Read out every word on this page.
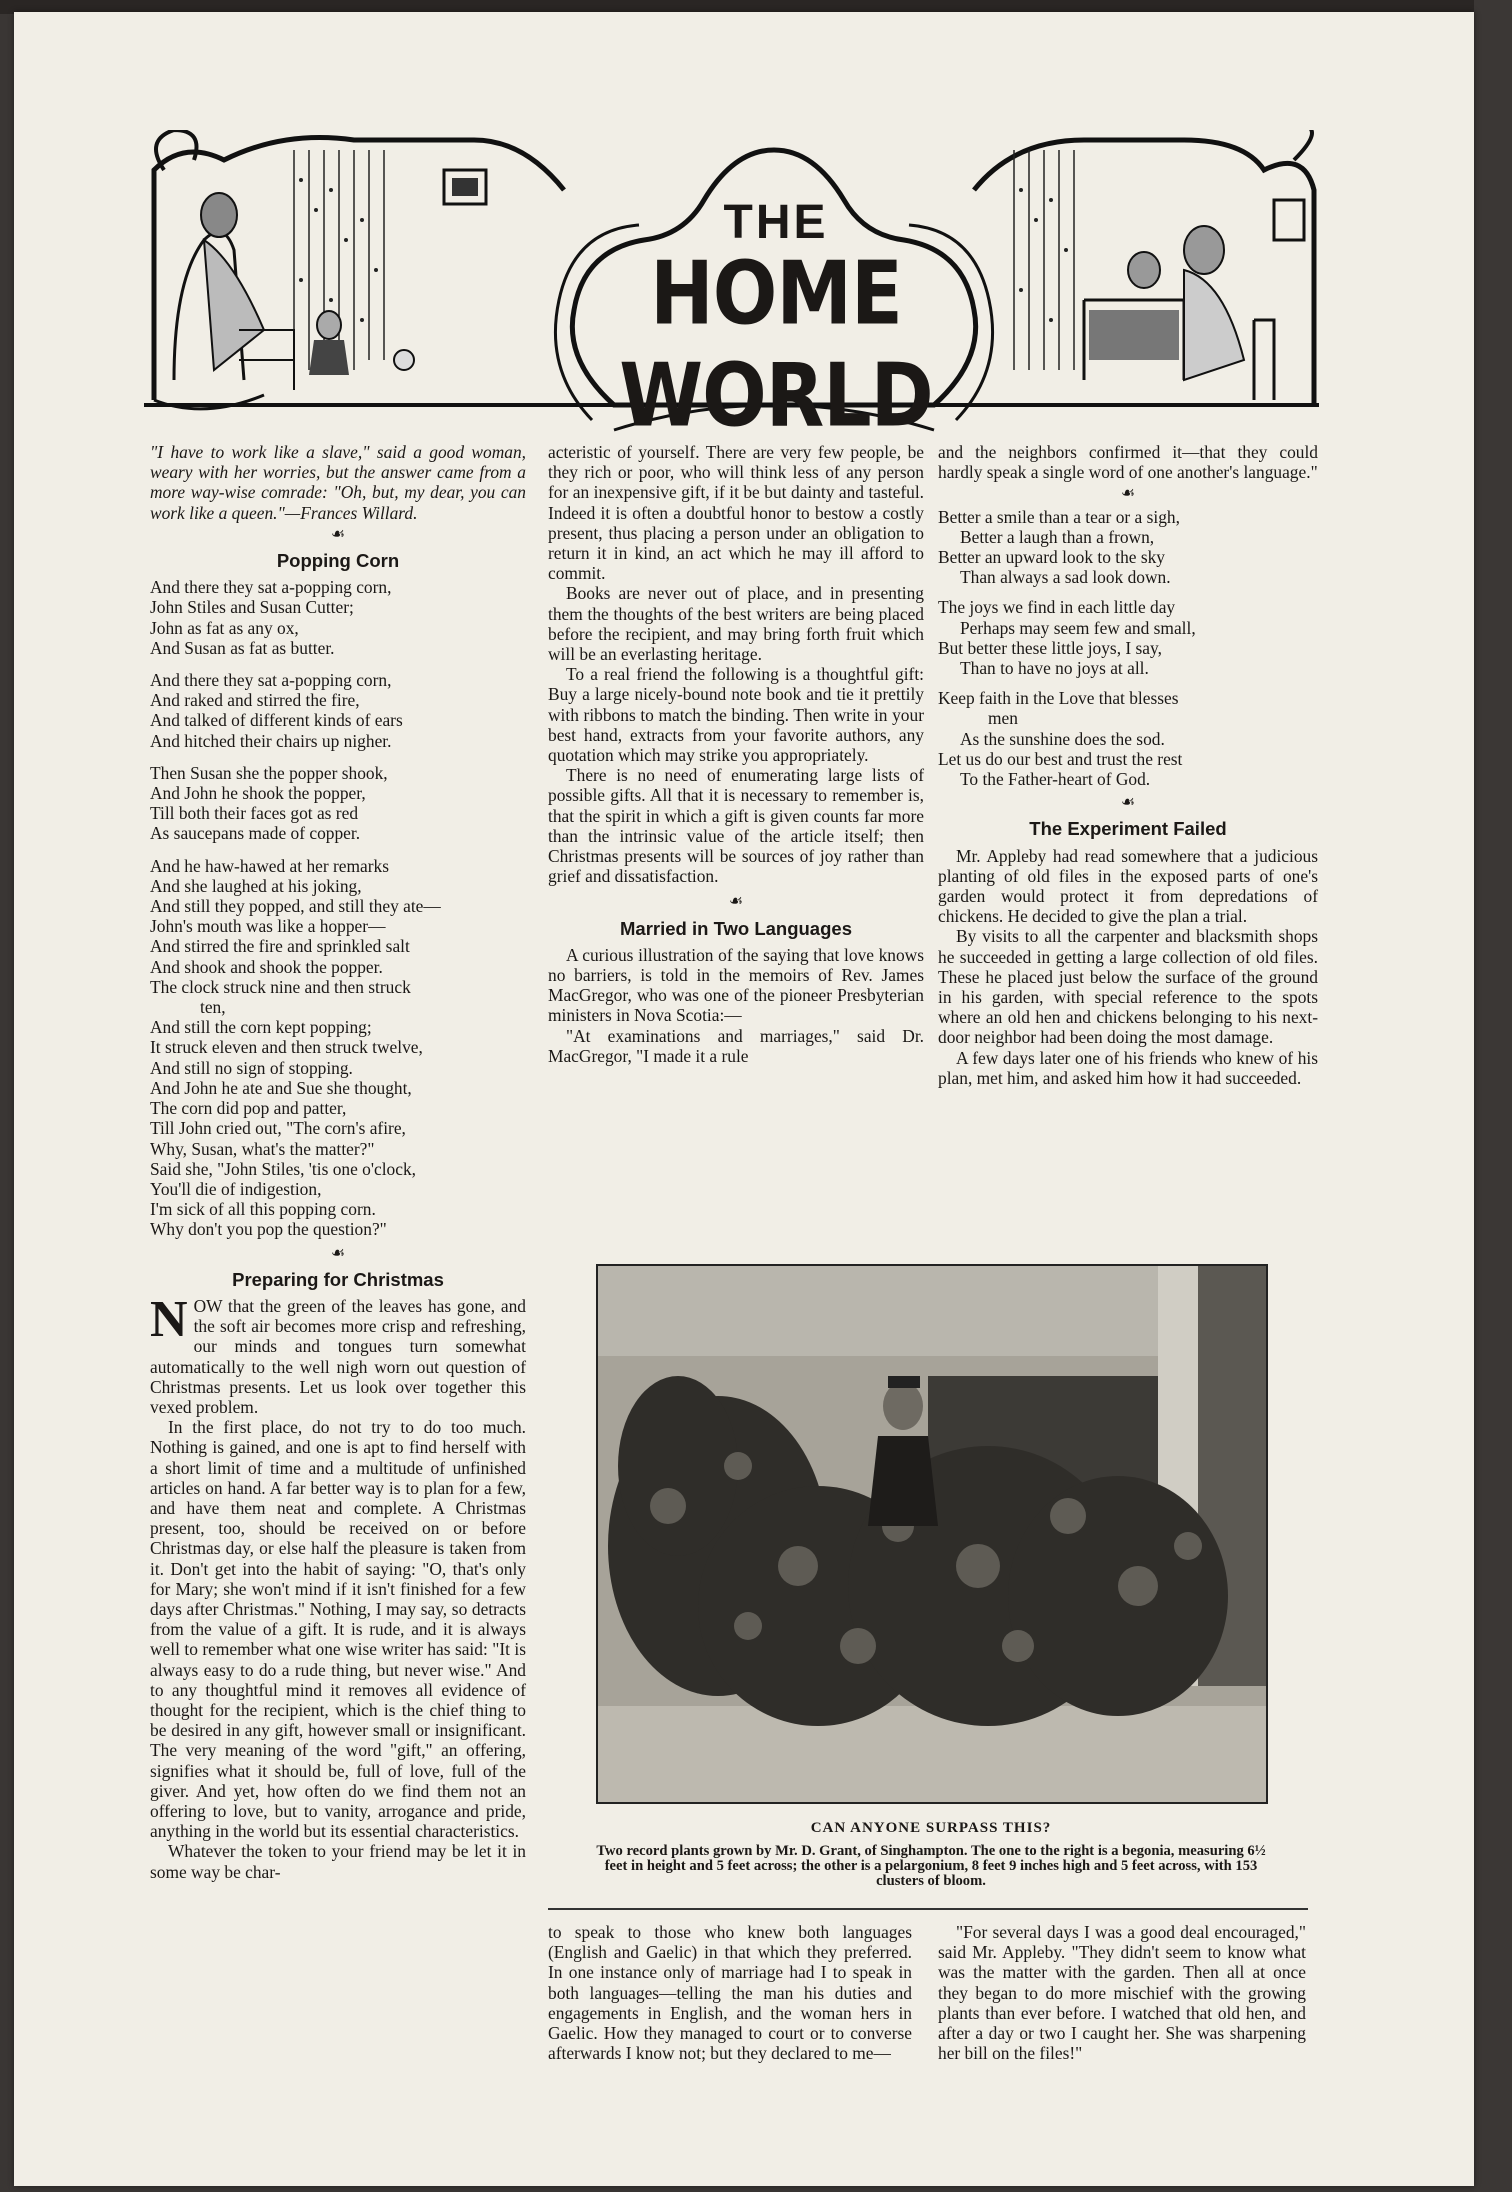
THE
HOME WORLD

"I have to work like a slave," said a good woman, weary with her worries, but the answer came from a more way-wise comrade: "Oh, but, my dear, you can work like a queen."—Frances Willard.

☙
Popping Corn
And there they sat a-popping corn,
John Stiles and Susan Cutter;
John as fat as any ox,
And Susan as fat as butter.
And there they sat a-popping corn,
And raked and stirred the fire,
And talked of different kinds of ears
And hitched their chairs up nigher.
Then Susan she the popper shook,
And John he shook the popper,
Till both their faces got as red
As saucepans made of copper.
And he haw-hawed at her remarks
And she laughed at his joking,
And still they popped, and still they ate—
John's mouth was like a hopper—
And stirred the fire and sprinkled salt
And shook and shook the popper.
The clock struck nine and then struck
ten,
And still the corn kept popping;
It struck eleven and then struck twelve,
And still no sign of stopping.
And John he ate and Sue she thought,
The corn did pop and patter,
Till John cried out, "The corn's afire,
Why, Susan, what's the matter?"
Said she, "John Stiles, 'tis one o'clock,
You'll die of indigestion,
I'm sick of all this popping corn.
Why don't you pop the question?"
☙
Preparing for Christmas

NOW that the green of the leaves has gone, and the soft air becomes more crisp and refreshing, our minds and tongues turn somewhat automatically to the well nigh worn out question of Christmas presents. Let us look over together this vexed problem.

In the first place, do not try to do too much. Nothing is gained, and one is apt to find herself with a short limit of time and a multitude of unfinished articles on hand. A far better way is to plan for a few, and have them neat and complete. A Christmas present, too, should be received on or before Christmas day, or else half the pleasure is taken from it. Don't get into the habit of saying: "O, that's only for Mary; she won't mind if it isn't finished for a few days after Christmas." Nothing, I may say, so detracts from the value of a gift. It is rude, and it is always well to remember what one wise writer has said: "It is always easy to do a rude thing, but never wise." And to any thoughtful mind it removes all evidence of thought for the recipient, which is the chief thing to be desired in any gift, however small or insignificant. The very meaning of the word "gift," an offering, signifies what it should be, full of love, full of the giver. And yet, how often do we find them not an offering to love, but to vanity, arrogance and pride, anything in the world but its essential characteristics.

Whatever the token to your friend may be let it in some way be char-

acteristic of yourself. There are very few people, be they rich or poor, who will think less of any person for an inexpensive gift, if it be but dainty and tasteful. Indeed it is often a doubtful honor to bestow a costly present, thus placing a person under an obligation to return it in kind, an act which he may ill afford to commit.

Books are never out of place, and in presenting them the thoughts of the best writers are being placed before the recipient, and may bring forth fruit which will be an everlasting heritage.

To a real friend the following is a thoughtful gift: Buy a large nicely-bound note book and tie it prettily with ribbons to match the binding. Then write in your best hand, extracts from your favorite authors, any quotation which may strike you appropriately.

There is no need of enumerating large lists of possible gifts. All that it is necessary to remember is, that the spirit in which a gift is given counts far more than the intrinsic value of the article itself; then Christmas presents will be sources of joy rather than grief and dissatisfaction.

☙
Married in Two Languages

A curious illustration of the saying that love knows no barriers, is told in the memoirs of Rev. James MacGregor, who was one of the pioneer Presbyterian ministers in Nova Scotia:—

"At examinations and marriages," said Dr. MacGregor, "I made it a rule

and the neighbors confirmed it—that they could hardly speak a single word of one another's language."

☙
Better a smile than a tear or a sigh,
Better a laugh than a frown,
Better an upward look to the sky
Than always a sad look down.
The joys we find in each little day
Perhaps may seem few and small,
But better these little joys, I say,
Than to have no joys at all.
Keep faith in the Love that blesses
men
As the sunshine does the sod.
Let us do our best and trust the rest
To the Father-heart of God.
☙
The Experiment Failed

Mr. Appleby had read somewhere that a judicious planting of old files in the exposed parts of one's garden would protect it from depredations of chickens. He decided to give the plan a trial.

By visits to all the carpenter and blacksmith shops he succeeded in getting a large collection of old files. These he placed just below the surface of the ground in his garden, with special reference to the spots where an old hen and chickens belonging to his next-door neighbor had been doing the most damage.

A few days later one of his friends who knew of his plan, met him, and asked him how it had succeeded.

CAN ANYONE SURPASS THIS?
Two record plants grown by Mr. D. Grant, of Singhampton. The one to the right is a begonia, measuring 6½ feet in height and 5 feet across; the other is a pelargonium, 8 feet 9 inches high and 5 feet across, with 153 clusters of bloom.

to speak to those who knew both languages (English and Gaelic) in that which they preferred. In one instance only of marriage had I to speak in both languages—telling the man his duties and engagements in English, and the woman hers in Gaelic. How they managed to court or to converse afterwards I know not; but they declared to me—

"For several days I was a good deal encouraged," said Mr. Appleby. "They didn't seem to know what was the matter with the garden. Then all at once they began to do more mischief with the growing plants than ever before. I watched that old hen, and after a day or two I caught her. She was sharpening her bill on the files!"
